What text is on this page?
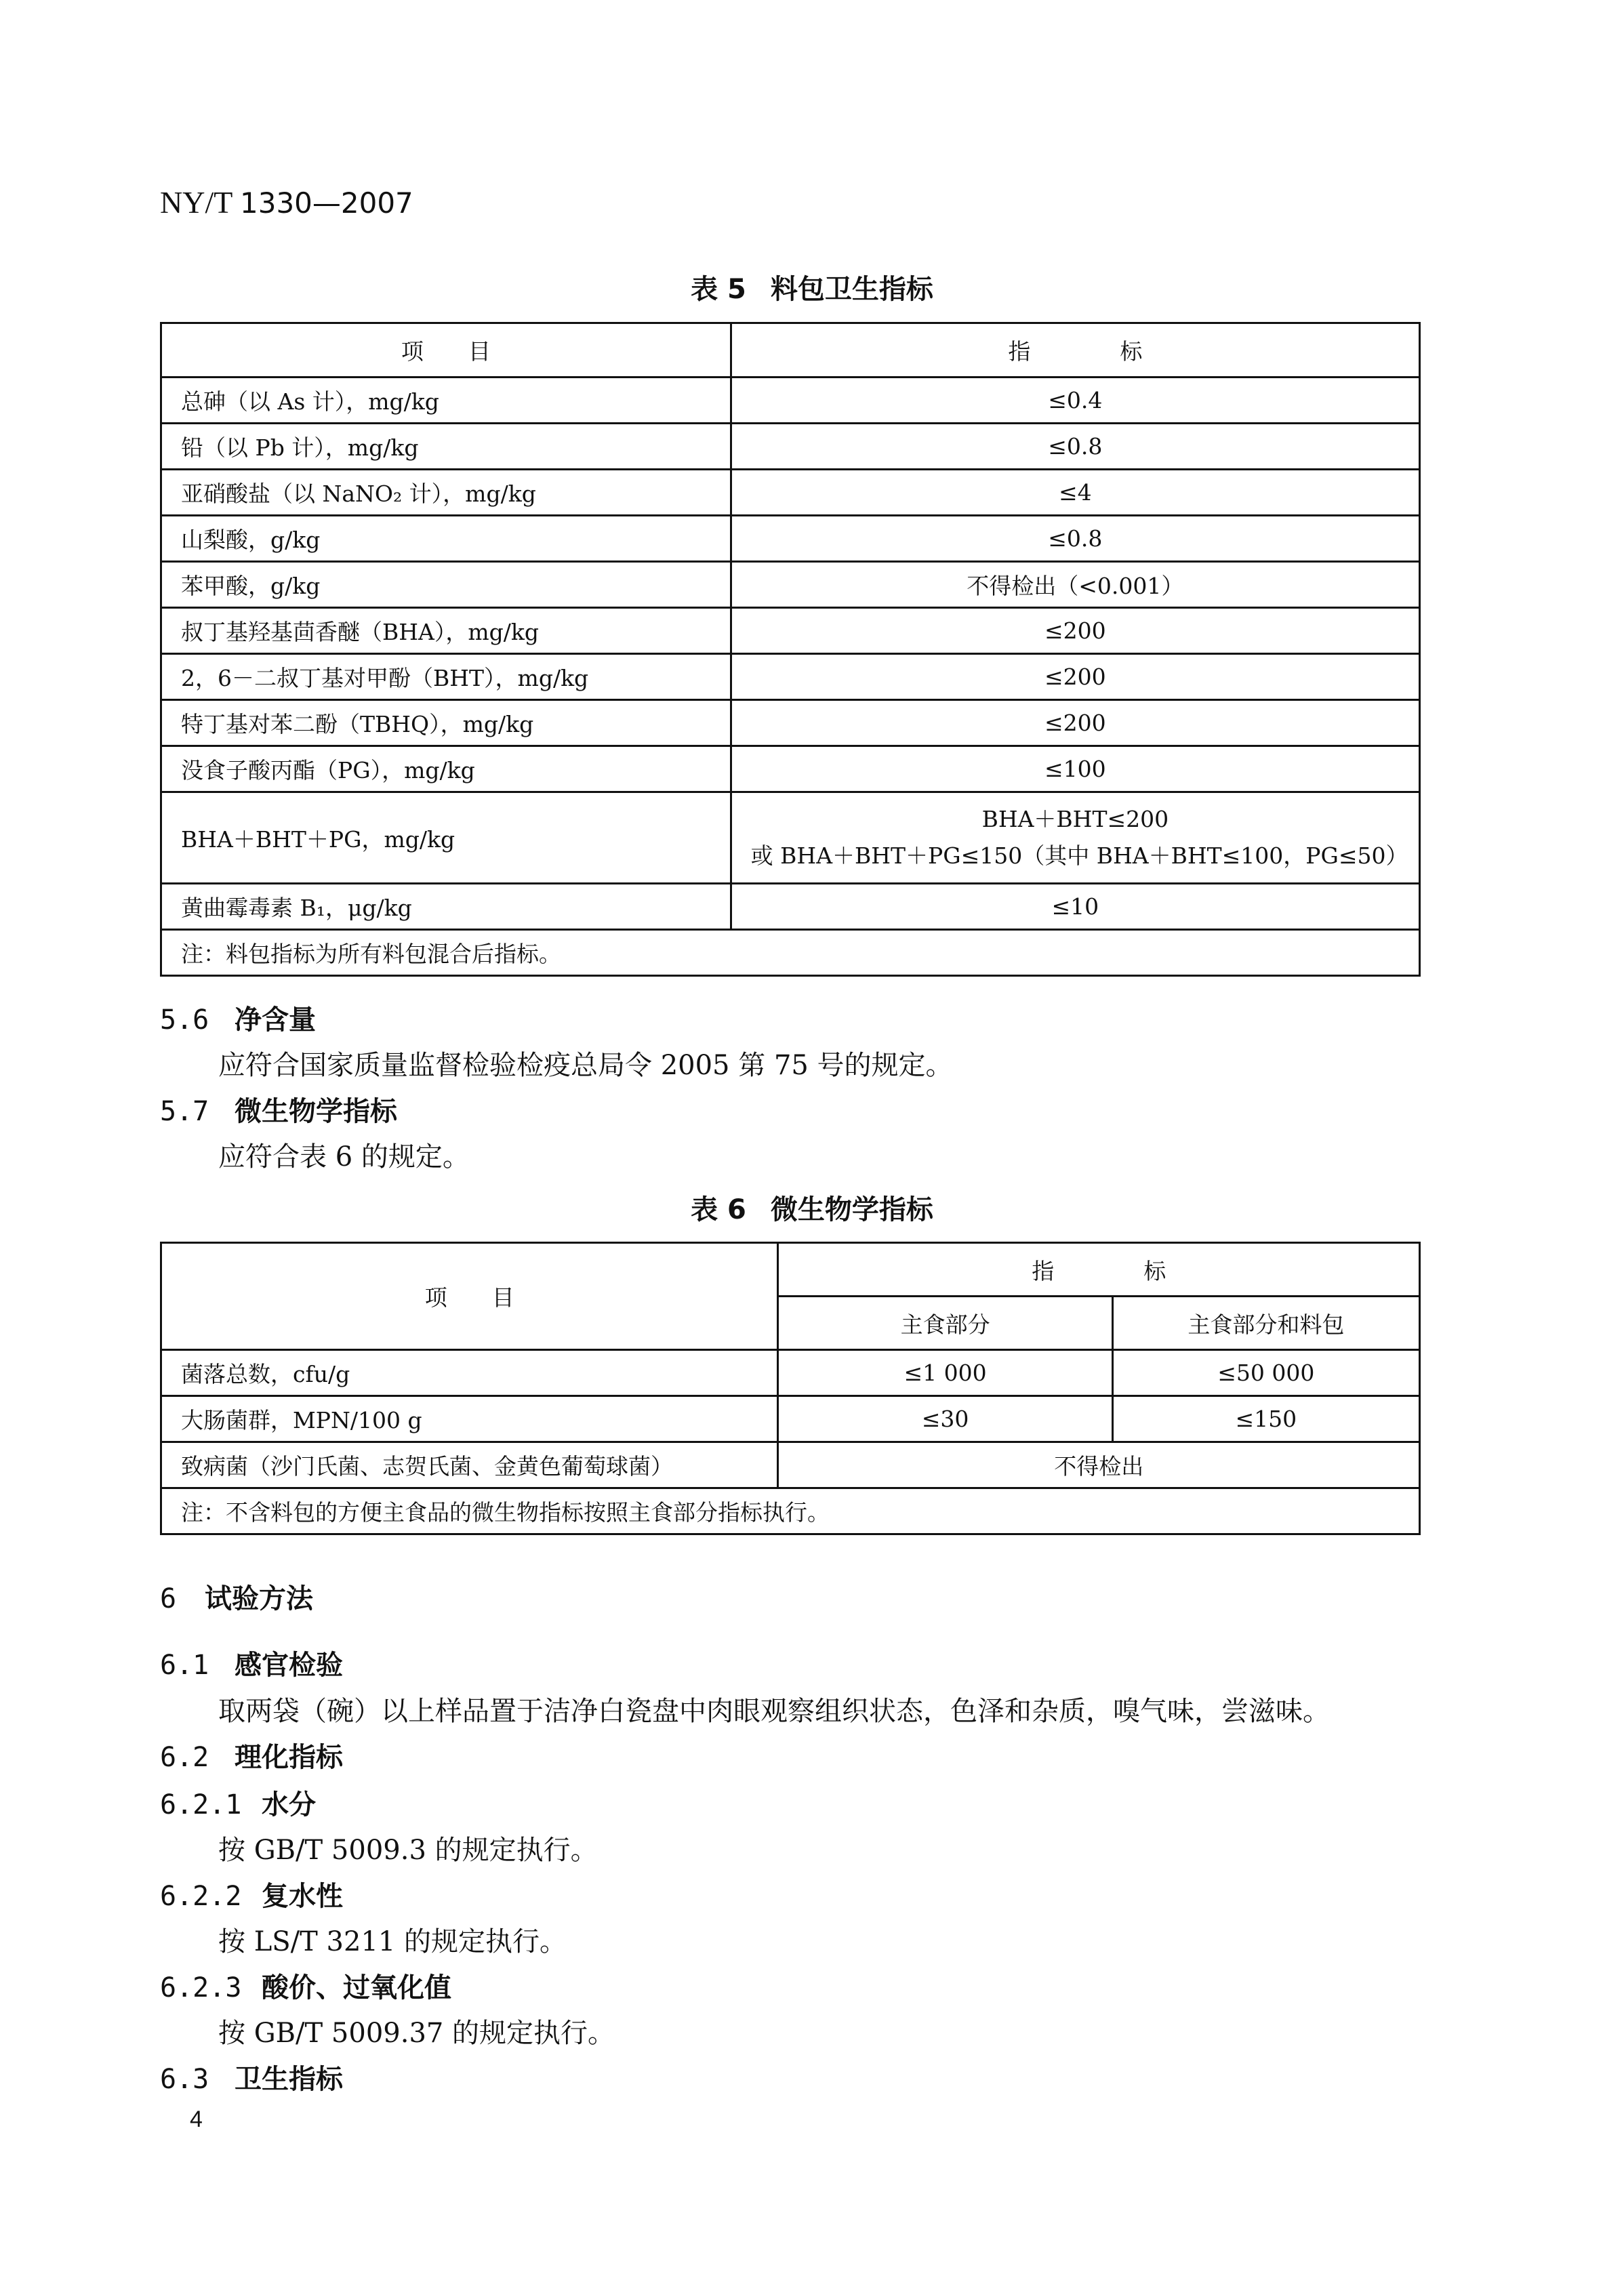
NY/T 1330—2007
表 5 料包卫生指标
项　　目	指　　　　标
总砷（以 As 计），mg/kg	≤0.4
铅（以 Pb 计），mg/kg	≤0.8
亚硝酸盐（以 NaNO₂ 计），mg/kg	≤4
山梨酸，g/kg	≤0.8
苯甲酸，g/kg	不得检出（<0.001）
叔丁基羟基茴香醚（BHA），mg/kg	≤200
2，6－二叔丁基对甲酚（BHT），mg/kg	≤200
特丁基对苯二酚（TBHQ），mg/kg	≤200
没食子酸丙酯（PG），mg/kg	≤100
BHA＋BHT＋PG，mg/kg	BHA＋BHT≤200
或 BHA＋BHT＋PG≤150（其中 BHA＋BHT≤100，PG≤50）

黄曲霉毒素 B₁，μg/kg	≤10
注：料包指标为所有料包混合后指标。	
5.6 净含量
应符合国家质量监督检验检疫总局令 2005 第 75 号的规定。
5.7 微生物学指标
应符合表 6 的规定。
表 6 微生物学指标
项　　目	指　　　　标	
	主食部分	主食部分和料包
菌落总数，cfu/g	≤1 000	≤50 000
大肠菌群，MPN/100 g	≤30	≤150
致病菌（沙门氏菌、志贺氏菌、金黄色葡萄球菌）	不得检出	
注：不含料包的方便主食品的微生物指标按照主食部分指标执行。		
6 试验方法
6.1 感官检验
取两袋（碗）以上样品置于洁净白瓷盘中肉眼观察组织状态，色泽和杂质，嗅气味，尝滋味。
6.2 理化指标
6.2.1 水分
按 GB/T 5009.3 的规定执行。
6.2.2 复水性
按 LS/T 3211 的规定执行。
6.2.3 酸价、过氧化值
按 GB/T 5009.37 的规定执行。
6.3 卫生指标
4
